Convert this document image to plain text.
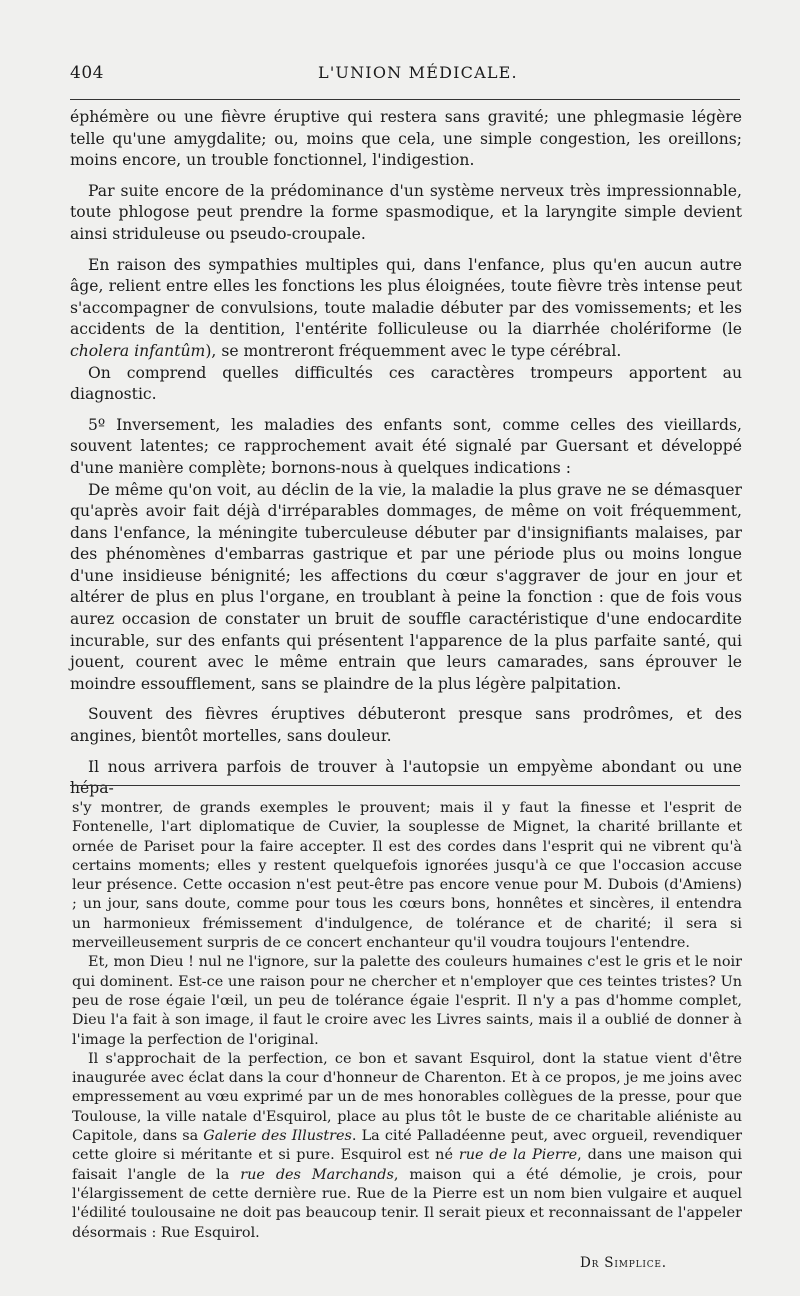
404	L'UNION MÉDICALE.

éphémère ou une fièvre éruptive qui restera sans gravité; une phlegmasie légère telle qu'une amygdalite; ou, moins que cela, une simple congestion, les oreillons; moins encore, un trouble fonctionnel, l'indigestion.

Par suite encore de la prédominance d'un système nerveux très impressionnable, toute phlogose peut prendre la forme spasmodique, et la laryngite simple devient ainsi striduleuse ou pseudo-croupale.

En raison des sympathies multiples qui, dans l'enfance, plus qu'en aucun autre âge, relient entre elles les fonctions les plus éloignées, toute fièvre très intense peut s'accompagner de convulsions, toute maladie débuter par des vomissements; et les accidents de la dentition, l'entérite folliculeuse ou la diarrhée cholériforme (le cholera infantûm), se montreront fréquemment avec le type cérébral.

On comprend quelles difficultés ces caractères trompeurs apportent au diagnostic.

5º Inversement, les maladies des enfants sont, comme celles des vieillards, souvent latentes; ce rapprochement avait été signalé par Guersant et développé d'une manière complète; bornons-nous à quelques indications :

De même qu'on voit, au déclin de la vie, la maladie la plus grave ne se démasquer qu'après avoir fait déjà d'irréparables dommages, de même on voit fréquemment, dans l'enfance, la méningite tuberculeuse débuter par d'insignifiants malaises, par des phénomènes d'embarras gastrique et par une période plus ou moins longue d'une insidieuse bénignité; les affections du cœur s'aggraver de jour en jour et altérer de plus en plus l'organe, en troublant à peine la fonction : que de fois vous aurez occasion de constater un bruit de souffle caractéristique d'une endocardite incurable, sur des enfants qui présentent l'apparence de la plus parfaite santé, qui jouent, courent avec le même entrain que leurs camarades, sans éprouver le moindre essoufflement, sans se plaindre de la plus légère palpitation.

Souvent des fièvres éruptives débuteront presque sans prodrômes, et des angines, bientôt mortelles, sans douleur.

Il nous arrivera parfois de trouver à l'autopsie un empyème abondant ou une hépa-

s'y montrer, de grands exemples le prouvent; mais il y faut la finesse et l'esprit de Fontenelle, l'art diplomatique de Cuvier, la souplesse de Mignet, la charité brillante et ornée de Pariset pour la faire accepter. Il est des cordes dans l'esprit qui ne vibrent qu'à certains moments; elles y restent quelquefois ignorées jusqu'à ce que l'occasion accuse leur présence. Cette occasion n'est peut-être pas encore venue pour M. Dubois (d'Amiens) ; un jour, sans doute, comme pour tous les cœurs bons, honnêtes et sincères, il entendra un harmonieux frémissement d'indulgence, de tolérance et de charité; il sera si merveilleusement surpris de ce concert enchanteur qu'il voudra toujours l'entendre.

Et, mon Dieu ! nul ne l'ignore, sur la palette des couleurs humaines c'est le gris et le noir qui dominent. Est-ce une raison pour ne chercher et n'employer que ces teintes tristes? Un peu de rose égaie l'œil, un peu de tolérance égaie l'esprit. Il n'y a pas d'homme complet, Dieu l'a fait à son image, il faut le croire avec les Livres saints, mais il a oublié de donner à l'image la perfection de l'original.

Il s'approchait de la perfection, ce bon et savant Esquirol, dont la statue vient d'être inaugurée avec éclat dans la cour d'honneur de Charenton. Et à ce propos, je me joins avec empressement au vœu exprimé par un de mes honorables collègues de la presse, pour que Toulouse, la ville natale d'Esquirol, place au plus tôt le buste de ce charitable aliéniste au Capitole, dans sa Galerie des Illustres. La cité Palladéenne peut, avec orgueil, revendiquer cette gloire si méritante et si pure. Esquirol est né rue de la Pierre, dans une maison qui faisait l'angle de la rue des Marchands, maison qui a été démolie, je crois, pour l'élargissement de cette dernière rue. Rue de la Pierre est un nom bien vulgaire et auquel l'édilité toulousaine ne doit pas beaucoup tenir. Il serait pieux et reconnaissant de l'appeler désormais : Rue Esquirol.

Dr Simplice.
